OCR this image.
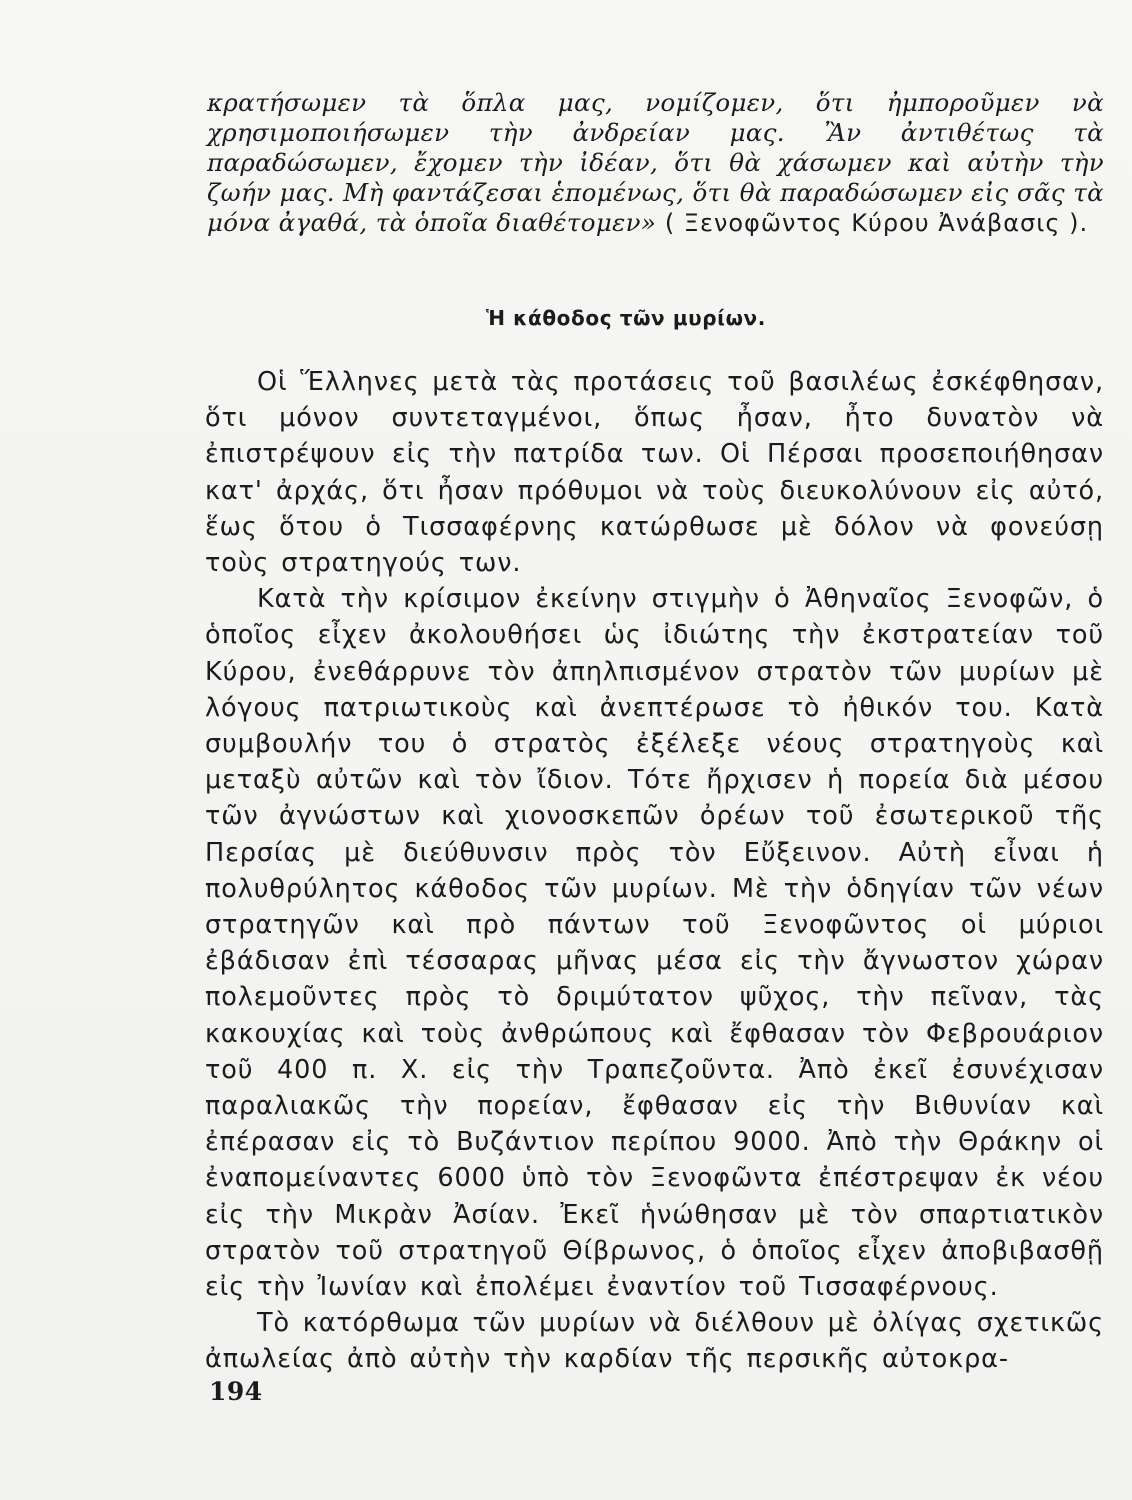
κρατήσωμεν τὰ ὅπλα μας, νομίζομεν, ὅτι ἠμποροῦμεν νὰ χρησιμοποιήσωμεν τὴν ἀνδρείαν μας. Ἂν ἀντιθέτως τὰ παραδώσωμεν, ἔχομεν τὴν ἰδέαν, ὅτι θὰ χάσωμεν καὶ αὐτὴν τὴν ζωήν μας. Μὴ φαντάζεσαι ἑπομένως, ὅτι θὰ παραδώσωμεν εἰς σᾶς τὰ μόνα ἀγαθά, τὰ ὁποῖα διαθέτομεν» ( Ξενοφῶντος Κύρου Ἀνάβασις ).
Ἡ κάθοδος τῶν μυρίων.

Οἱ Ἕλληνες μετὰ τὰς προτάσεις τοῦ βασιλέως ἐσκέφθησαν, ὅτι μόνον συντεταγμένοι, ὅπως ἦσαν, ἦτο δυνατὸν νὰ ἐπιστρέψουν εἰς τὴν πατρίδα των. Οἱ Πέρσαι προσεποιήθησαν κατ' ἀρχάς, ὅτι ἦσαν πρόθυμοι νὰ τοὺς διευκολύνουν εἰς αὐτό, ἕως ὅτου ὁ Τισσαφέρνης κατώρθωσε μὲ δόλον νὰ φονεύσῃ τοὺς στρατηγούς των.

Κατὰ τὴν κρίσιμον ἐκείνην στιγμὴν ὁ Ἀθηναῖος Ξενοφῶν, ὁ ὁποῖος εἶχεν ἀκολουθήσει ὡς ἰδιώτης τὴν ἐκστρατείαν τοῦ Κύρου, ἐνεθάρρυνε τὸν ἀπηλπισμένον στρατὸν τῶν μυρίων μὲ λόγους πατριωτικοὺς καὶ ἀνεπτέρωσε τὸ ἠθικόν του. Κατὰ συμβουλήν του ὁ στρατὸς ἐξέλεξε νέους στρατηγοὺς καὶ μεταξὺ αὐτῶν καὶ τὸν ἴδιον. Τότε ἤρχισεν ἡ πορεία διὰ μέσου τῶν ἀγνώστων καὶ χιονοσκεπῶν ὀρέων τοῦ ἐσωτερικοῦ τῆς Περσίας μὲ διεύθυνσιν πρὸς τὸν Εὔξεινον. Αὐτὴ εἶναι ἡ πολυθρύλητος κάθοδος τῶν μυρίων. Μὲ τὴν ὁδηγίαν τῶν νέων στρατηγῶν καὶ πρὸ πάντων τοῦ Ξενοφῶντος οἱ μύριοι ἐβάδισαν ἐπὶ τέσσαρας μῆνας μέσα εἰς τὴν ἄγνωστον χώραν πολεμοῦντες πρὸς τὸ δριμύτατον ψῦχος, τὴν πεῖναν, τὰς κακουχίας καὶ τοὺς ἀνθρώπους καὶ ἔφθασαν τὸν Φεβρουάριον τοῦ 400 π. Χ. εἰς τὴν Τραπεζοῦντα. Ἀπὸ ἐκεῖ ἐσυνέχισαν παραλιακῶς τὴν πορείαν, ἔφθασαν εἰς τὴν Βιθυνίαν καὶ ἐπέρασαν εἰς τὸ Βυζάντιον περίπου 9000. Ἀπὸ τὴν Θράκην οἱ ἐναπομείναντες 6000 ὑπὸ τὸν Ξενοφῶντα ἐπέστρεψαν ἐκ νέου εἰς τὴν Μικρὰν Ἀσίαν. Ἐκεῖ ἡνώθησαν μὲ τὸν σπαρτιατικὸν στρατὸν τοῦ στρατηγοῦ Θίβρωνος, ὁ ὁποῖος εἶχεν ἀποβιβασθῇ εἰς τὴν Ἰωνίαν καὶ ἐπολέμει ἐναντίον τοῦ Τισσαφέρνους.

Τὸ κατόρθωμα τῶν μυρίων νὰ διέλθουν μὲ ὀλίγας σχετικῶς ἀπωλείας ἀπὸ αὐτὴν τὴν καρδίαν τῆς περσικῆς αὐτοκρα-

194
